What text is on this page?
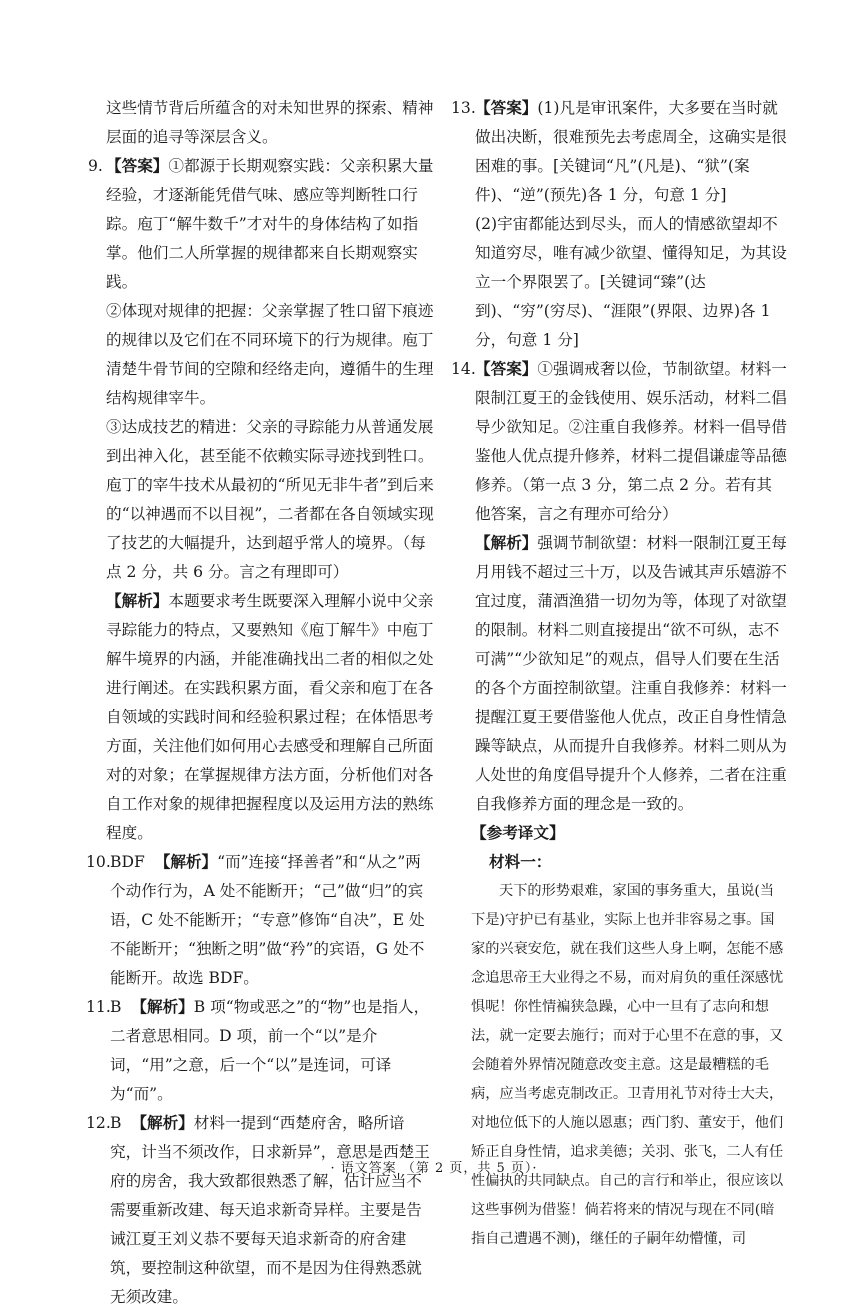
这些情节背后所蕴含的对未知世界的探索、精神层面的追寻等深层含义。

9. 【答案】①都源于长期观察实践：父亲积累大量经验，才逐渐能凭借气味、感应等判断牲口行踪。庖丁“解牛数千”才对牛的身体结构了如指掌。他们二人所掌握的规律都来自长期观察实践。

②体现对规律的把握：父亲掌握了牲口留下痕迹的规律以及它们在不同环境下的行为规律。庖丁清楚牛骨节间的空隙和经络走向，遵循牛的生理结构规律宰牛。

③达成技艺的精进：父亲的寻踪能力从普通发展到出神入化，甚至能不依赖实际寻迹找到牲口。庖丁的宰牛技术从最初的“所见无非牛者”到后来的“以神遇而不以目视”，二者都在各自领域实现了技艺的大幅提升，达到超乎常人的境界。（每点 2 分，共 6 分。言之有理即可）

【解析】本题要求考生既要深入理解小说中父亲寻踪能力的特点，又要熟知《庖丁解牛》中庖丁解牛境界的内涵，并能准确找出二者的相似之处进行阐述。在实践积累方面，看父亲和庖丁在各自领域的实践时间和经验积累过程；在体悟思考方面，关注他们如何用心去感受和理解自己所面对的对象；在掌握规律方法方面，分析他们对各自工作对象的规律把握程度以及运用方法的熟练程度。

10. BDF 【解析】“而”连接“择善者”和“从之”两个动作行为，A 处不能断开；“己”做“归”的宾语，C 处不能断开；“专意”修饰“自决”，E 处不能断开；“独断之明”做“矜”的宾语，G 处不能断开。故选 BDF。

11. B 【解析】B 项“物或恶之”的“物”也是指人，二者意思相同。D 项，前一个“以”是介词，“用”之意，后一个“以”是连词，可译为“而”。

12. B 【解析】材料一提到“西楚府舍，略所谙究，计当不须改作，日求新异”，意思是西楚王府的房舍，我大致都很熟悉了解，估计应当不需要重新改建、每天追求新奇异样。主要是告诫江夏王刘义恭不要每天追求新奇的府舍建筑，要控制这种欲望，而不是因为住得熟悉就无须改建。

13. 【答案】(1)凡是审讯案件，大多要在当时就做出决断，很难预先去考虑周全，这确实是很困难的事。[关键词“凡”(凡是)、“狱”(案件)、“逆”(预先)各 1 分，句意 1 分]

(2)宇宙都能达到尽头，而人的情感欲望却不知道穷尽，唯有减少欲望、懂得知足，为其设立一个界限罢了。[关键词“臻”(达到)、“穷”(穷尽)、“涯限”(界限、边界)各 1 分，句意 1 分]

14. 【答案】①强调戒奢以俭，节制欲望。材料一限制江夏王的金钱使用、娱乐活动，材料二倡导少欲知足。②注重自我修养。材料一倡导借鉴他人优点提升修养，材料二提倡谦虚等品德修养。（第一点 3 分，第二点 2 分。若有其他答案，言之有理亦可给分）

【解析】强调节制欲望：材料一限制江夏王每月用钱不超过三十万，以及告诫其声乐嬉游不宜过度，蒲酒渔猎一切勿为等，体现了对欲望的限制。材料二则直接提出“欲不可纵，志不可满”“少欲知足”的观点，倡导人们要在生活的各个方面控制欲望。注重自我修养：材料一提醒江夏王要借鉴他人优点，改正自身性情急躁等缺点，从而提升自我修养。材料二则从为人处世的角度倡导提升个人修养，二者在注重自我修养方面的理念是一致的。

【参考译文】

材料一：

天下的形势艰难，家国的事务重大，虽说(当下是)守护已有基业，实际上也并非容易之事。国家的兴衰安危，就在我们这些人身上啊，怎能不感念追思帝王大业得之不易，而对肩负的重任深感忧惧呢！你性情褊狭急躁，心中一旦有了志向和想法，就一定要去施行；而对于心里不在意的事，又会随着外界情况随意改变主意。这是最糟糕的毛病，应当考虑克制改正。卫青用礼节对待士大夫，对地位低下的人施以恩惠；西门豹、董安于，他们矫正自身性情，追求美德；关羽、张飞，二人有任性偏执的共同缺点。自己的言行和举止，很应该以这些事例为借鉴！倘若将来的情况与现在不同(暗指自己遭遇不测)，继任的子嗣年幼懵懂，司

· 语文答案 （第 2 页，共 5 页）·
